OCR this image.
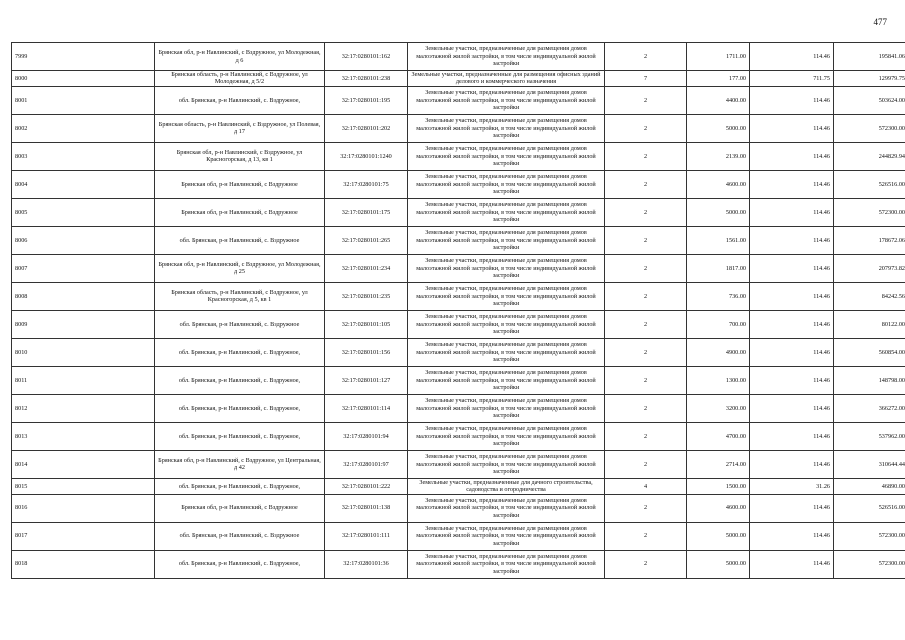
477
7999	Брянская обл, р-н Навлинский, с Вздружное, ул Молодежная, д 6	32:17:0280101:162	Земельные участки, предназначенные для размещения домов малоэтажной жилой застройки, в том числе индивидуальной жилой застройки	2	1711.00	114.46	195841.06
8000	Брянская область, р-н Навлинский, с Вздружное, ул Молодежная, д 5/2	32:17:0280101:238	Земельные участки, предназначенные для размещения офисных зданий делового и коммерческого назначения	7	177.00	711.75	129979.75
8001	обл. Брянская, р-н Навлинский, с. Вздружное,	32:17:0280101:195	Земельные участки, предназначенные для размещения домов малоэтажной жилой застройки, в том числе индивидуальной жилой застройки	2	4400.00	114.46	503624.00
8002	Брянская область, р-н Навлинский, с Вздружное, ул Полевая, д 17	32:17:0280101:202	Земельные участки, предназначенные для размещения домов малоэтажной жилой застройки, в том числе индивидуальной жилой застройки	2	5000.00	114.46	572300.00
8003	Брянская обл, р-н Навлинский, с Вздружное, ул Красногорская, д 13, кв 1	32:17:0280101:1240	Земельные участки, предназначенные для размещения домов малоэтажной жилой застройки, в том числе индивидуальной жилой застройки	2	2139.00	114.46	244829.94
8004	Брянская обл, р-н Навлинский, с Вздружное	32:17:0280101:75	Земельные участки, предназначенные для размещения домов малоэтажной жилой застройки, в том числе индивидуальной жилой застройки	2	4600.00	114.46	526516.00
8005	Брянская обл, р-н Навлинский, с Вздружное	32:17:0280101:175	Земельные участки, предназначенные для размещения домов малоэтажной жилой застройки, в том числе индивидуальной жилой застройки	2	5000.00	114.46	572300.00
8006	обл. Брянская, р-н Навлинский, с. Вздружное	32:17:0280101:265	Земельные участки, предназначенные для размещения домов малоэтажной жилой застройки, в том числе индивидуальной жилой застройки	2	1561.00	114.46	178672.06
8007	Брянская обл, р-н Навлинский, с Вздружное, ул Молодежная, д 25	32:17:0280101:234	Земельные участки, предназначенные для размещения домов малоэтажной жилой застройки, в том числе индивидуальной жилой застройки	2	1817.00	114.46	207973.82
8008	Брянская область, р-н Навлинский, с Вздружное, ул Красногорская, д 5, кв 1	32:17:0280101:235	Земельные участки, предназначенные для размещения домов малоэтажной жилой застройки, в том числе индивидуальной жилой застройки	2	736.00	114.46	84242.56
8009	обл. Брянская, р-н Навлинский, с. Вздружное	32:17:0280101:105	Земельные участки, предназначенные для размещения домов малоэтажной жилой застройки, в том числе индивидуальной жилой застройки	2	700.00	114.46	80122.00
8010	обл. Брянская, р-н Навлинский, с. Вздружное,	32:17:0280101:156	Земельные участки, предназначенные для размещения домов малоэтажной жилой застройки, в том числе индивидуальной жилой застройки	2	4900.00	114.46	560854.00
8011	обл. Брянская, р-н Навлинский, с. Вздружное,	32:17:0280101:127	Земельные участки, предназначенные для размещения домов малоэтажной жилой застройки, в том числе индивидуальной жилой застройки	2	1300.00	114.46	148798.00
8012	обл. Брянская, р-н Навлинский, с. Вздружное,	32:17:0280101:114	Земельные участки, предназначенные для размещения домов малоэтажной жилой застройки, в том числе индивидуальной жилой застройки	2	3200.00	114.46	366272.00
8013	обл. Брянская, р-н Навлинский, с. Вздружное,	32:17:0280101:94	Земельные участки, предназначенные для размещения домов малоэтажной жилой застройки, в том числе индивидуальной жилой застройки	2	4700.00	114.46	537962.00
8014	Брянская обл, р-н Навлинский, с Вздружное, ул Центральная, д 42	32:17:0280101:97	Земельные участки, предназначенные для размещения домов малоэтажной жилой застройки, в том числе индивидуальной жилой застройки	2	2714.00	114.46	310644.44
8015	обл. Брянская, р-н Навлинский, с. Вздружное,	32:17:0280101:222	Земельные участки, предназначенные для дачного строительства, садоводства и огородничества	4	1500.00	31.26	46890.00
8016	Брянская обл, р-н Навлинский, с Вздружное	32:17:0280101:138	Земельные участки, предназначенные для размещения домов малоэтажной жилой застройки, в том числе индивидуальной жилой застройки	2	4600.00	114.46	526516.00
8017	обл. Брянская, р-н Навлинский, с. Вздружное	32:17:0280101:111	Земельные участки, предназначенные для размещения домов малоэтажной жилой застройки, в том числе индивидуальной жилой застройки	2	5000.00	114.46	572300.00
8018	обл. Брянская, р-н Навлинский, с. Вздружное,	32:17:0280101:36	Земельные участки, предназначенные для размещения домов малоэтажной жилой застройки, в том числе индивидуальной жилой застройки	2	5000.00	114.46	572300.00
